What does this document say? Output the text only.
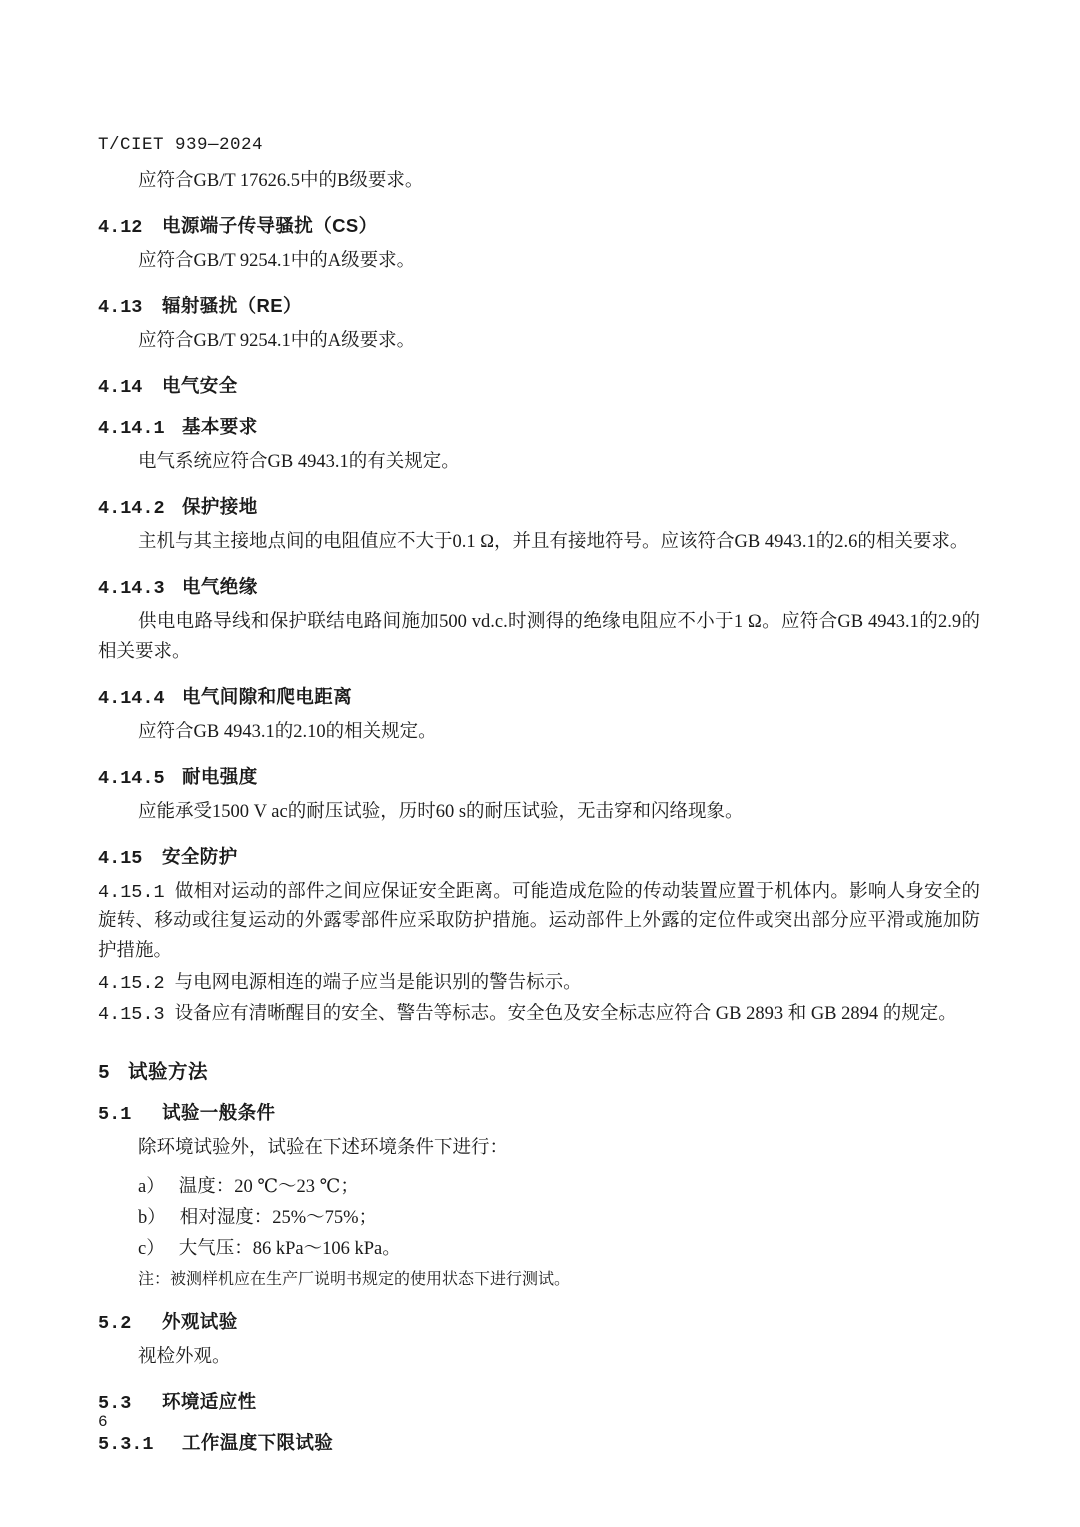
T/CIET 939—2024

应符合GB/T 17626.5中的B级要求。

4.12 电源端子传导骚扰（CS）

应符合GB/T 9254.1中的A级要求。

4.13 辐射骚扰（RE）

应符合GB/T 9254.1中的A级要求。

4.14 电气安全
4.14.1 基本要求

电气系统应符合GB 4943.1的有关规定。

4.14.2 保护接地

主机与其主接地点间的电阻值应不大于0.1 Ω，并且有接地符号。应该符合GB 4943.1的2.6的相关要求。

4.14.3 电气绝缘

供电电路导线和保护联结电路间施加500 vd.c.时测得的绝缘电阻应不小于1 Ω。应符合GB 4943.1的2.9的相关要求。

4.14.4 电气间隙和爬电距离

应符合GB 4943.1的2.10的相关规定。

4.14.5 耐电强度

应能承受1500 V ac的耐压试验，历时60 s的耐压试验，无击穿和闪络现象。

4.15 安全防护

4.15.1 做相对运动的部件之间应保证安全距离。可能造成危险的传动装置应置于机体内。影响人身安全的旋转、移动或往复运动的外露零部件应采取防护措施。运动部件上外露的定位件或突出部分应平滑或施加防护措施。

4.15.2 与电网电源相连的端子应当是能识别的警告标示。

4.15.3 设备应有清晰醒目的安全、警告等标志。安全色及安全标志应符合 GB 2893 和 GB 2894 的规定。

5 试验方法
5.1 试验一般条件

除环境试验外，试验在下述环境条件下进行：

a） 温度：20 ℃～23 ℃；

b） 相对湿度：25%～75%；

c） 大气压：86 kPa～106 kPa。

注：被测样机应在生产厂说明书规定的使用状态下进行测试。

5.2 外观试验

视检外观。

5.3 环境适应性
5.3.1 工作温度下限试验
6
